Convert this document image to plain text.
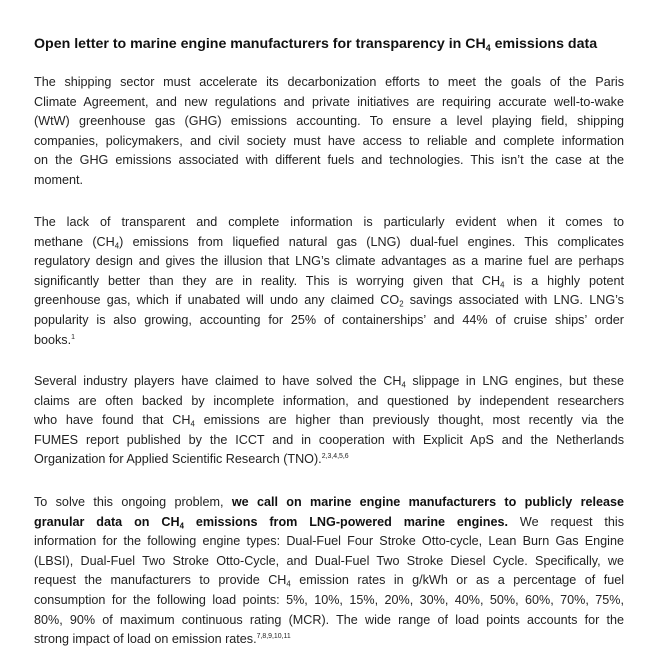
Open letter to marine engine manufacturers for transparency in $CH_4$ emissions data
The shipping sector must accelerate its decarbonization efforts to meet the goals of the Paris
Climate Agreement, and new regulations and private initiatives are requiring accurate well-to-wake
(WtW) greenhouse gas (GHG) emissions accounting. To ensure a level playing field, shipping
companies, policymakers, and civil society must have access to reliable and complete information
on the GHG emissions associated with different fuels and technologies. This isn’t the case at the
moment.
The lack of transparent and complete information is particularly evident when it comes to
methane $(CH_4)$ emissions from liquefied natural gas (LNG) dual-fuel engines. This complicates
regulatory design and gives the illusion that LNG’s climate advantages as a marine fuel are perhaps
significantly better than they are in reality. This is worrying given that $CH_4$ is a highly potent
greenhouse gas, which if unabated will undo any claimed $CO_2$ savings associated with LNG. LNG’s
popularity is also growing, accounting for 25% of containerships’ and 44% of cruise ships’ order
books.$^1$
Several industry players have claimed to have solved the $CH_4$ slippage in LNG engines, but these
claims are often backed by incomplete information, and questioned by independent researchers
who have found that $CH_4$ emissions are higher than previously thought, most recently via the
FUMES report published by the ICCT and in cooperation with Explicit ApS and the Netherlands
Organization for Applied Scientific Research (TNO).$^{2,3,4,5,6}$
To solve this ongoing problem, we call on marine engine manufacturers to publicly release
granular data on $CH_4$ emissions from LNG-powered marine engines. We request this
information for the following engine types: Dual-Fuel Four Stroke Otto-cycle, Lean Burn Gas Engine
(LBSI), Dual-Fuel Two Stroke Otto-Cycle, and Dual-Fuel Two Stroke Diesel Cycle. Specifically, we
request the manufacturers to provide $CH_4$ emission rates in g/kWh or as a percentage of fuel
consumption for the following load points: 5%, 10%, 15%, 20%, 30%, 40%, 50%, 60%, 70%, 75%,
80%, 90% of maximum continuous rating (MCR). The wide range of load points accounts for the
strong impact of load on emission rates.$^{7,8,9,10,11}$
